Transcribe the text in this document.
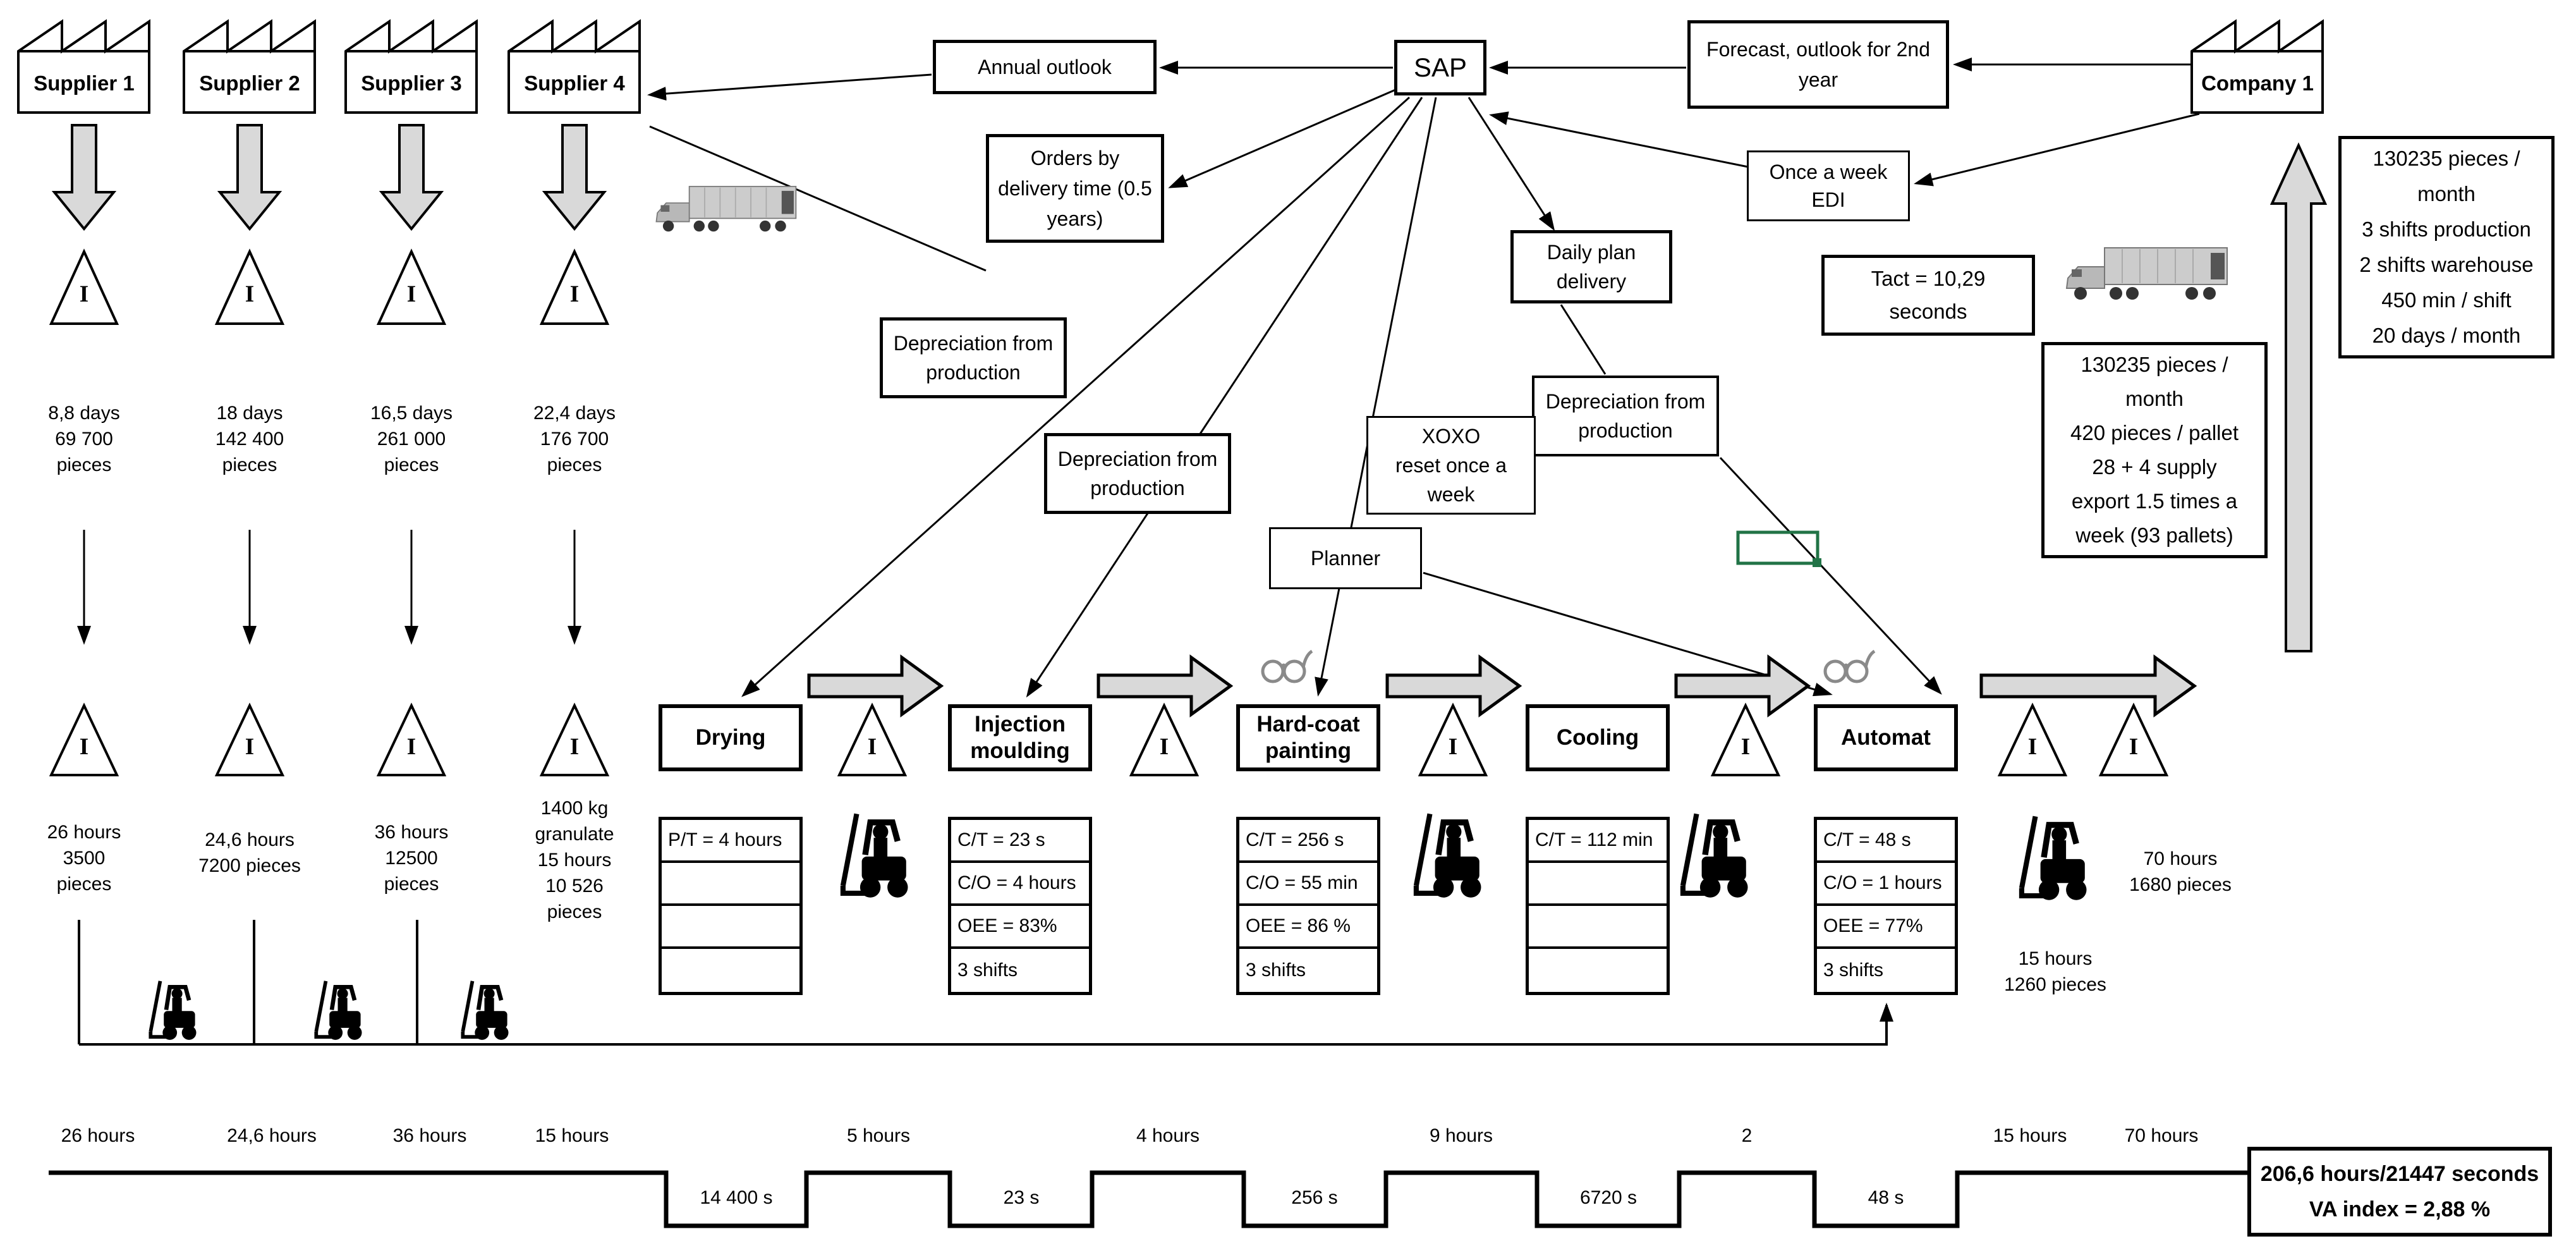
Supplier 1	Supplier 2	Supplier 3	Supplier 4	Company 1
I	I	I	I
I	I	I	I	I	I	I	I	I	I
8,8 days
69 700
pieces
18 days
142 400
pieces
16,5 days
261 000
pieces
22,4 days
176 700
pieces
26 hours
3500
pieces
24,6 hours
7200 pieces
36 hours
12500
pieces
1400 kg
granulate
15 hours
10 526
pieces
Annual outlook
Orders by
delivery time (0.5
years)
SAP
Forecast, outlook for 2nd
year
Once a week
EDI
Daily plan
delivery	Tact = 10,29
seconds
Depreciation from
production
Depreciation from
production
Depreciation from
production
XOXO
reset once a
week
Planner
130235 pieces /
month
3 shifts production
2 shifts warehouse
450 min / shift
20 days / month
130235 pieces /
month
420 pieces / pallet
28 + 4 supply
export 1.5 times a
week (93 pallets)
Drying
Injection moulding
Hard-coat painting
Cooling	Automat
P/T = 4 hours	C/T = 23 s
C/O = 4 hours
OEE = 83%
3 shifts
C/T = 256 s
C/O = 55 min
OEE = 86 %
3 shifts
C/T = 112 min	C/T = 48 s
C/O = 1 hours
OEE = 77%
3 shifts
70 hours
1680 pieces
15 hours
1260 pieces
26 hours	24,6 hours	36 hours	15 hours	5 hours	4 hours	9 hours	2	15 hours	70 hours
14 400 s	23 s	256 s	6720 s	48 s
206,6 hours/21447 seconds
VA index = 2,88 %
